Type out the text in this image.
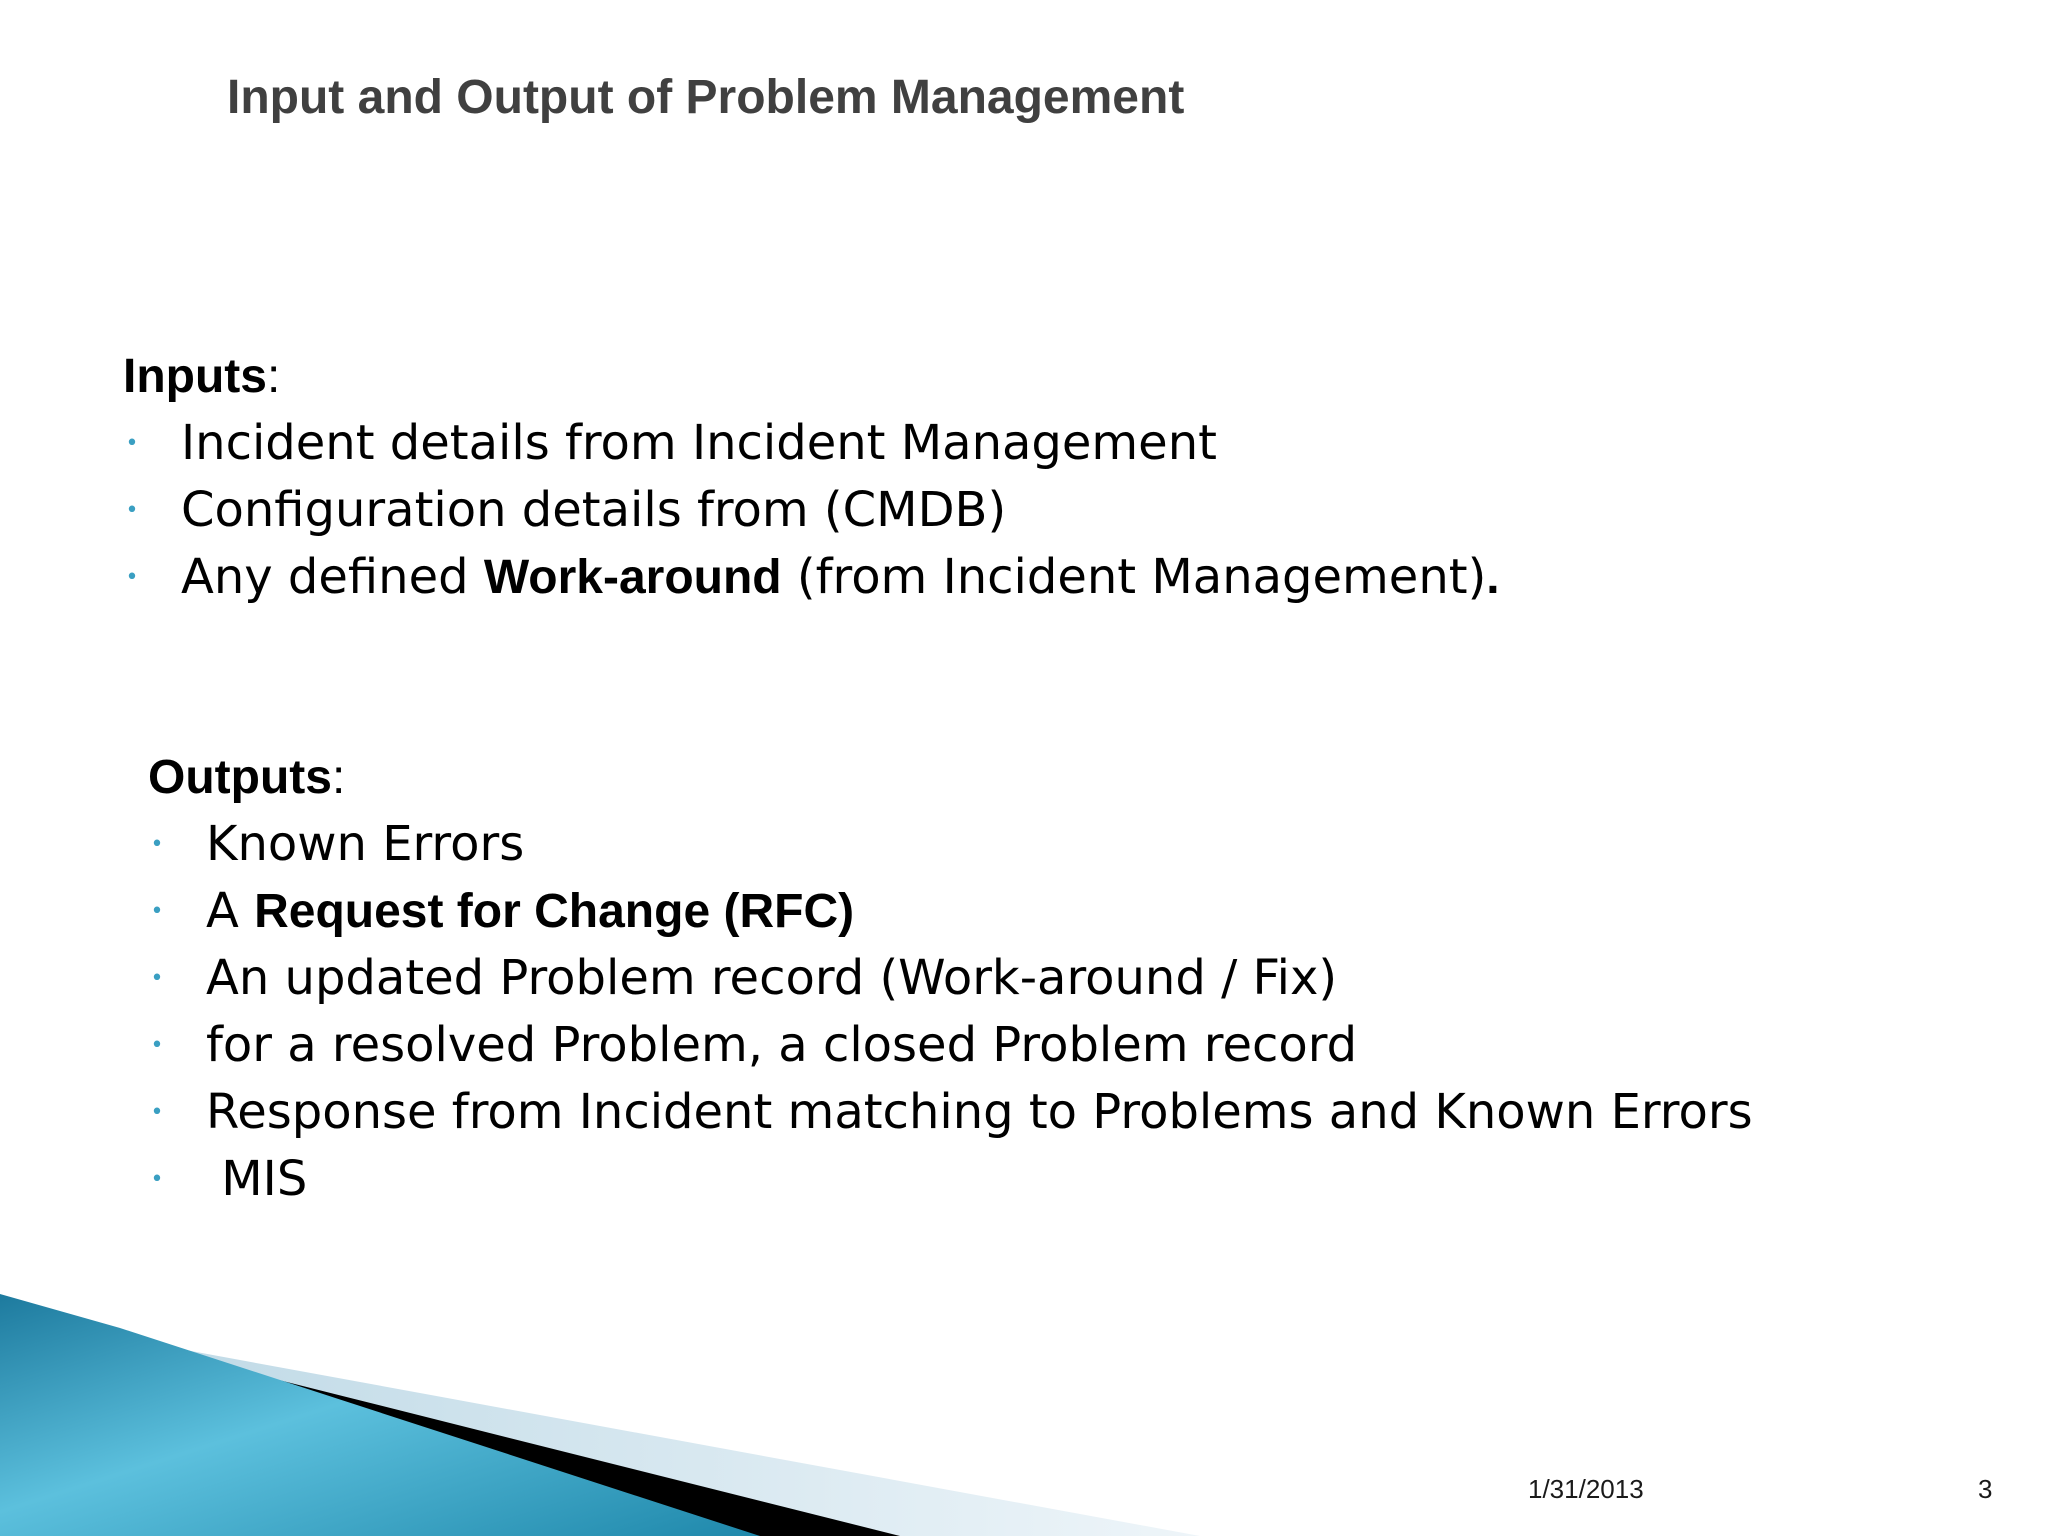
Input and Output of Problem Management
Inputs:
• Incident details from Incident Management
• Configuration details from (CMDB)
• Any defined Work-around (from Incident Management).
Outputs:
• Known Errors
• A Request for Change (RFC)
• An updated Problem record (Work-around / Fix)
• for a resolved Problem, a closed Problem record
• Response from Incident matching to Problems and Known Errors
• MIS
1/31/2013	3
